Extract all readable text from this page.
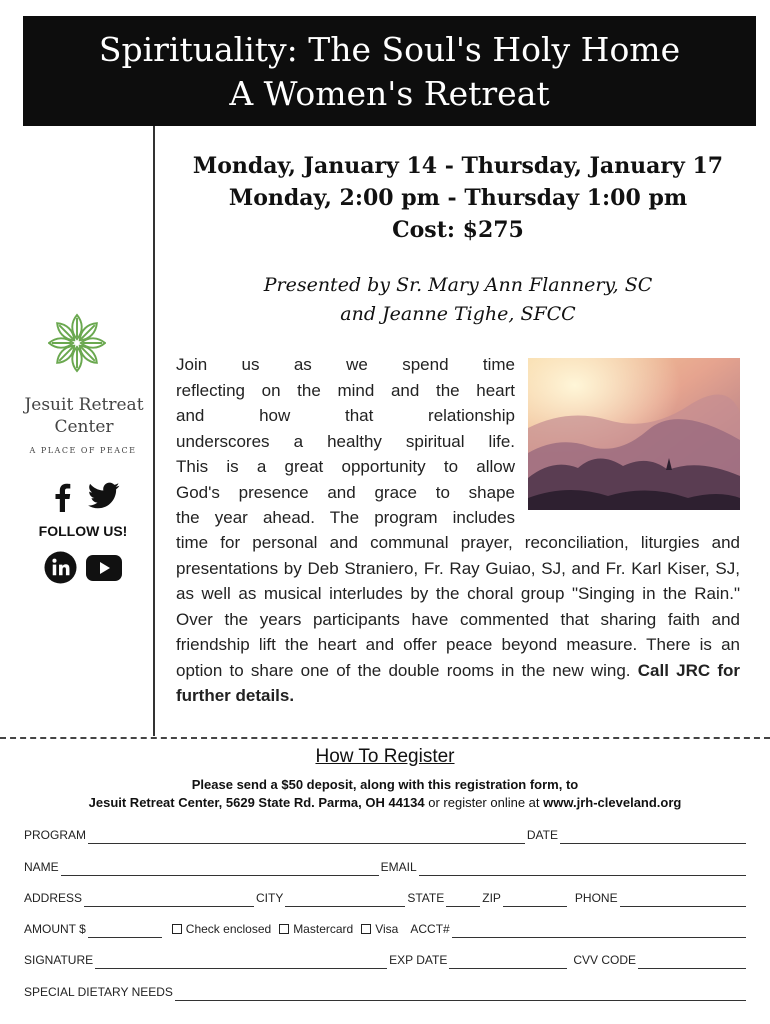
Spirituality: The Soul's Holy Home
A Women's Retreat
Monday, January 14 - Thursday, January 17
Monday, 2:00 pm - Thursday 1:00 pm
Cost: $275
Presented by Sr. Mary Ann Flannery, SC
and Jeanne Tighe, SFCC
Jesuit Retreat
Center
A PLACE OF PEACE
FOLLOW US!
Join us as we spend time
reflecting on the mind and the heart
and how that relationship
underscores a healthy spiritual life.
This is a great opportunity to allow
God's presence and grace to shape
the year ahead. The program includes
time for personal and communal prayer, reconciliation, liturgies and presentations by Deb Straniero, Fr. Ray Guiao, SJ, and Fr. Karl Kiser, SJ, as well as musical interludes by the choral group "Singing in the Rain." Over the years participants have commented that sharing faith and friendship lift the heart and offer peace beyond measure. There is an option to share one of the double rooms in the new wing. Call JRC for further details.
How To Register
Please send a $50 deposit, along with this registration form, to
Jesuit Retreat Center, 5629 State Rd. Parma, OH 44134 or register online at www.jrh-cleveland.org
PROGRAM	DATE
NAME	EMAIL
ADDRESS	CITY	STATE	ZIP	PHONE
AMOUNT $	Check enclosed Mastercard Visa ACCT#
SIGNATURE	EXP DATE	CVV CODE
SPECIAL DIETARY NEEDS
